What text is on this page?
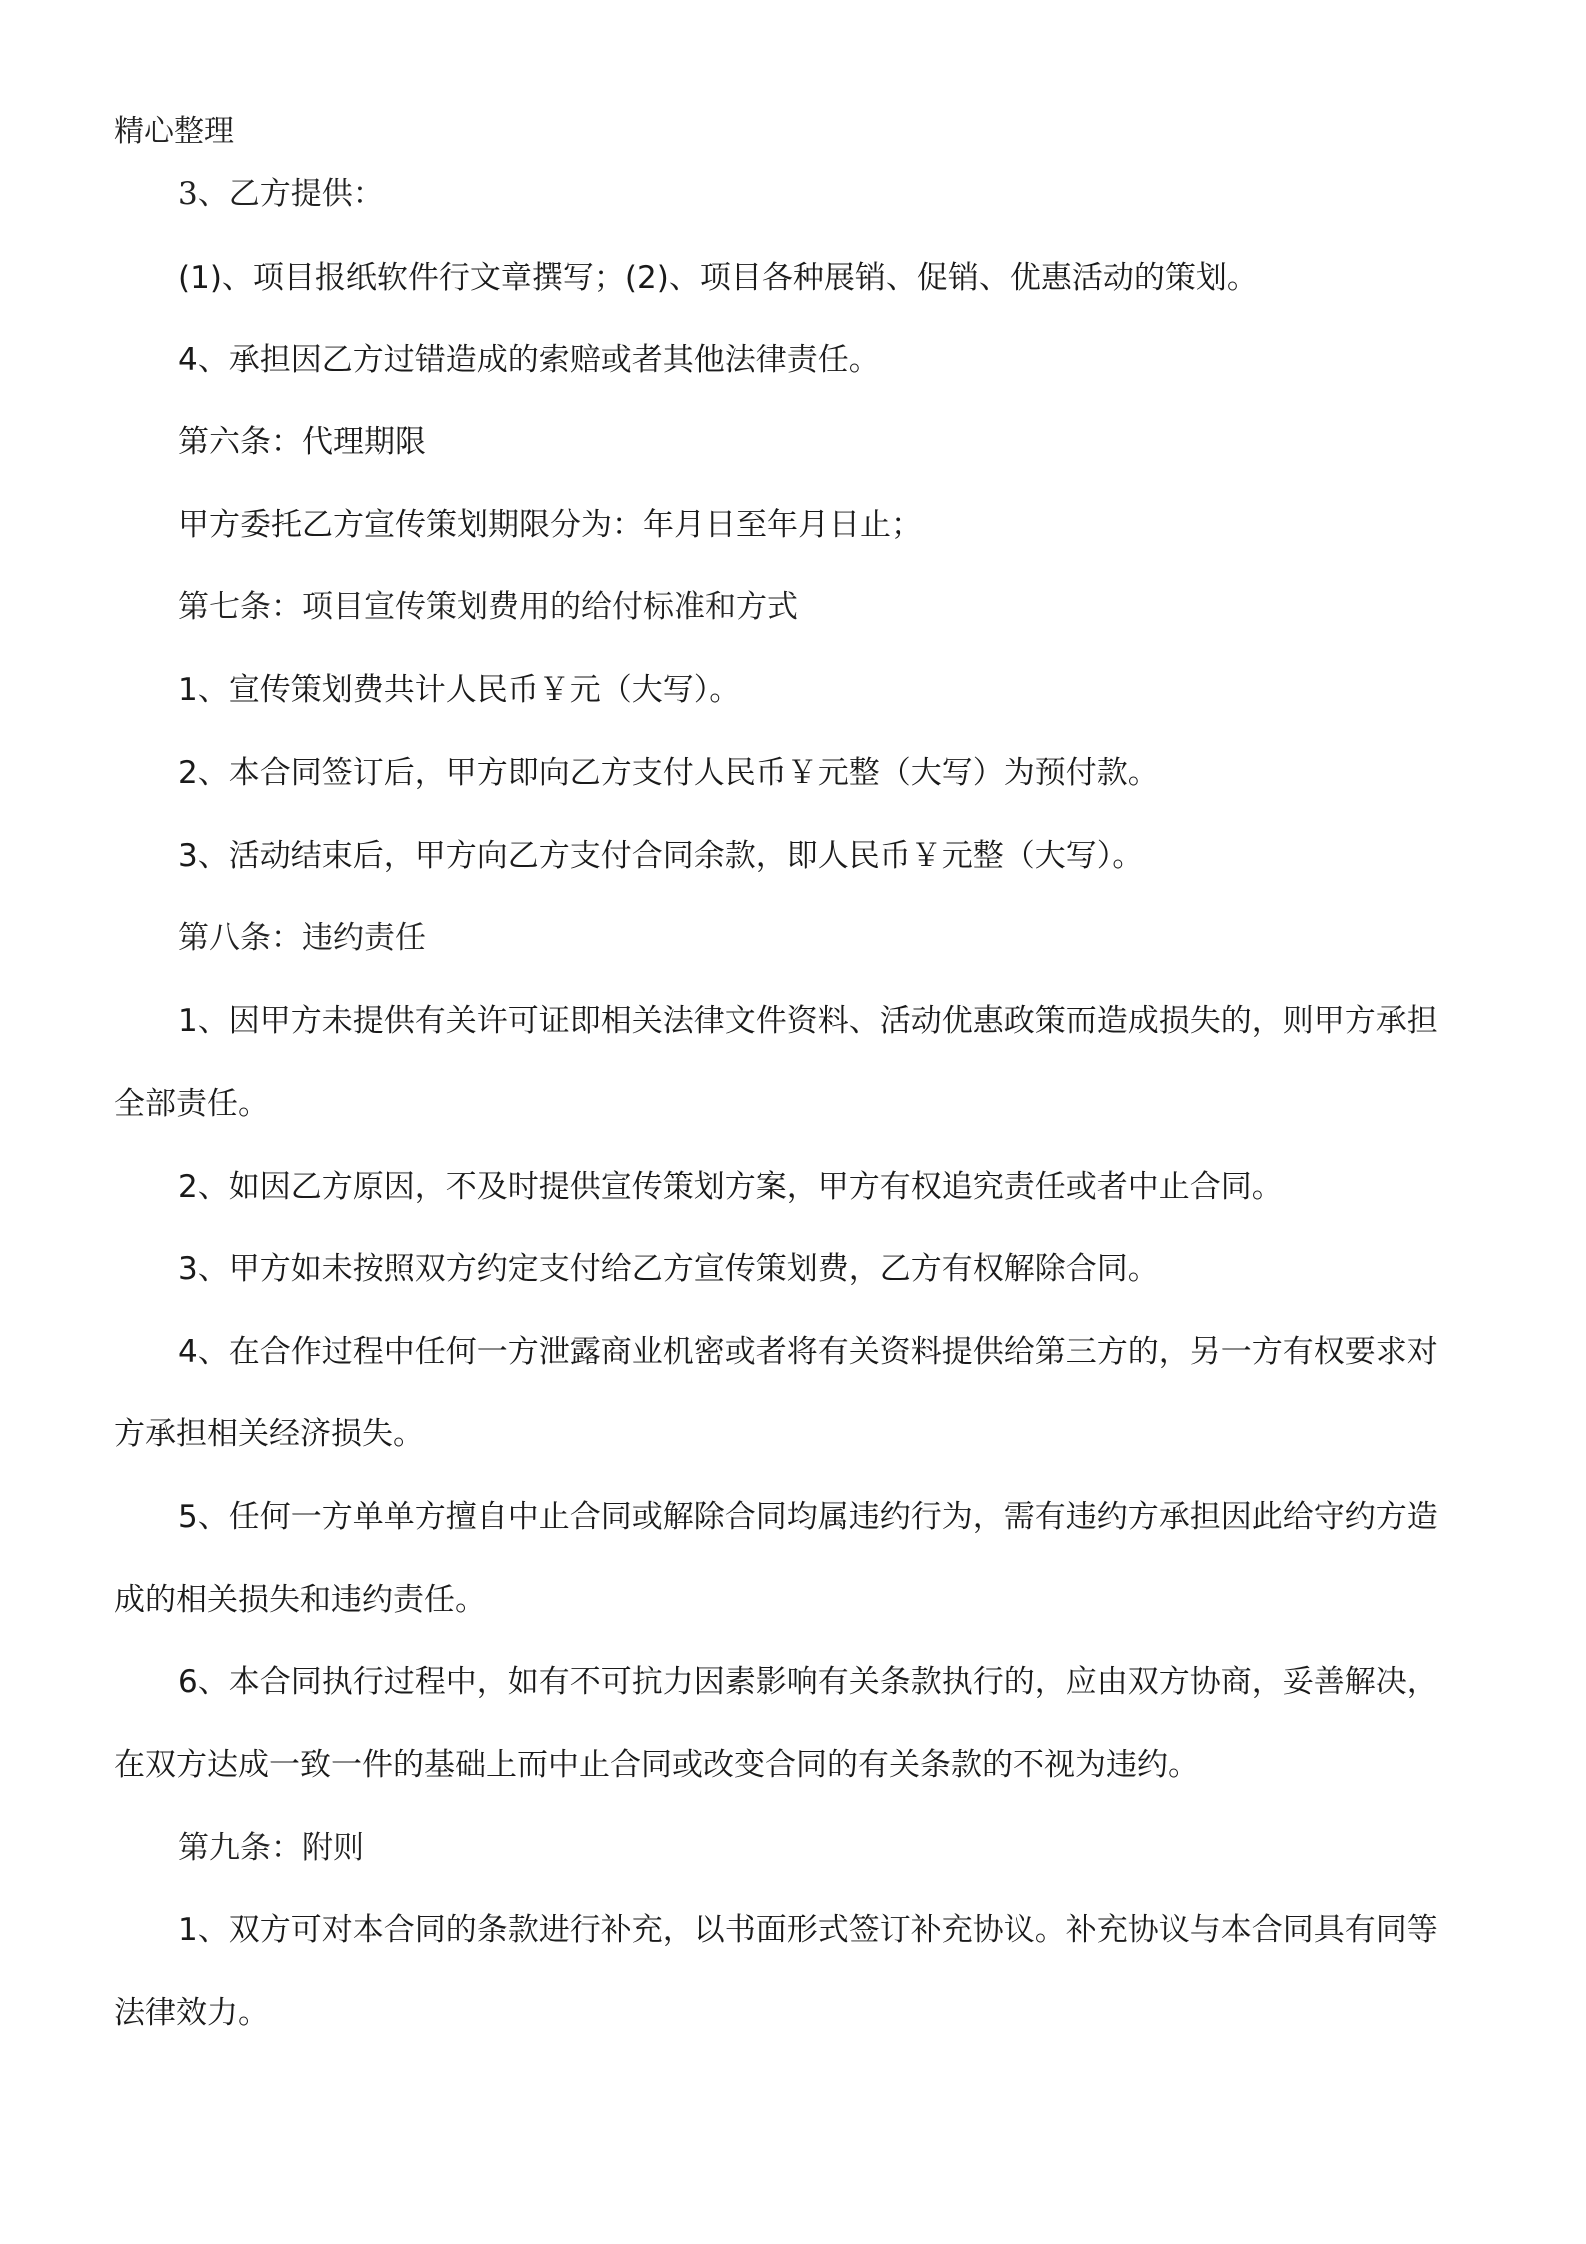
精心整理
3、乙方提供：
(1)、项目报纸软件行文章撰写；(2)、项目各种展销、促销、优惠活动的策划。
4、承担因乙方过错造成的索赔或者其他法律责任。
第六条：代理期限
甲方委托乙方宣传策划期限分为：年月日至年月日止；
第七条：项目宣传策划费用的给付标准和方式
1、宣传策划费共计人民币￥元（大写）。
2、本合同签订后，甲方即向乙方支付人民币￥元整（大写）为预付款。
3、活动结束后，甲方向乙方支付合同余款，即人民币￥元整（大写）。
第八条：违约责任
1、因甲方未提供有关许可证即相关法律文件资料、活动优惠政策而造成损失的，则甲方承担
全部责任。
2、如因乙方原因，不及时提供宣传策划方案，甲方有权追究责任或者中止合同。
3、甲方如未按照双方约定支付给乙方宣传策划费，乙方有权解除合同。
4、在合作过程中任何一方泄露商业机密或者将有关资料提供给第三方的，另一方有权要求对
方承担相关经济损失。
5、任何一方单单方擅自中止合同或解除合同均属违约行为，需有违约方承担因此给守约方造
成的相关损失和违约责任。
6、本合同执行过程中，如有不可抗力因素影响有关条款执行的，应由双方协商，妥善解决，
在双方达成一致一件的基础上而中止合同或改变合同的有关条款的不视为违约。
第九条：附则
1、双方可对本合同的条款进行补充，以书面形式签订补充协议。补充协议与本合同具有同等
法律效力。
